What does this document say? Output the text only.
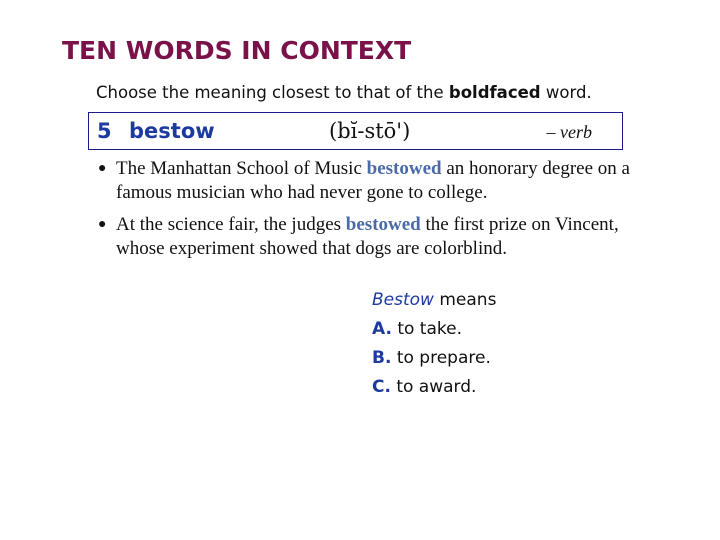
TEN WORDS IN CONTEXT
Choose the meaning closest to that of the boldfaced word.
5 bestow	(bĭ-stō')	– verb
● The Manhattan School of Music bestowed an honorary degree on a famous musician who had never gone to college.
● At the science fair, the judges bestowed the first prize on Vincent, whose experiment showed that dogs are colorblind.
Bestow means
A. to take.
B. to prepare.
C. to award.
